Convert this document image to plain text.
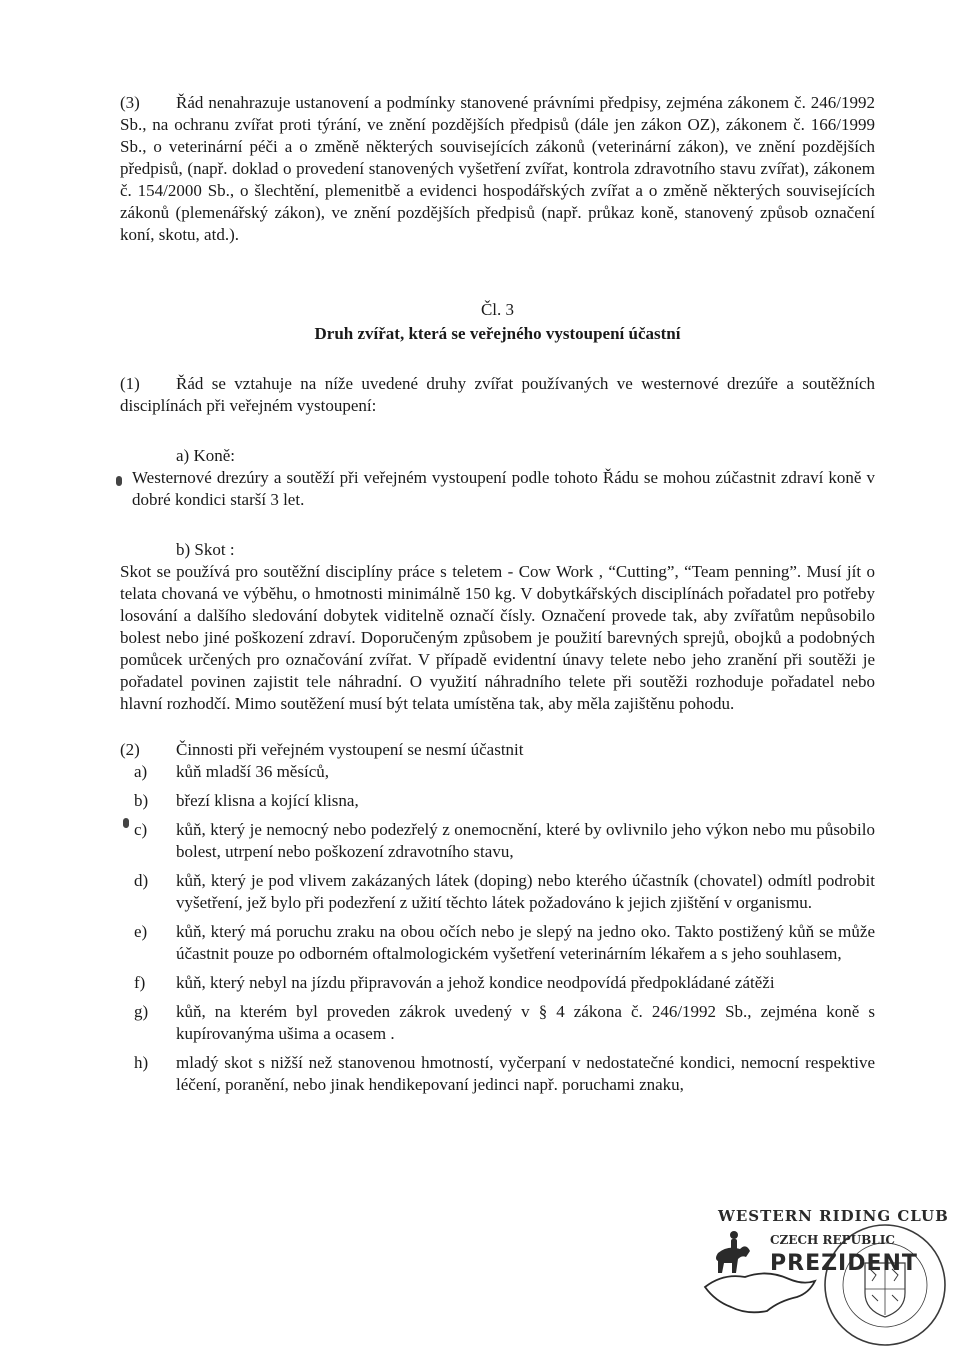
(3) Řád nenahrazuje ustanovení a podmínky stanovené právními předpisy, zejména zákonem č. 246/1992 Sb., na ochranu zvířat proti týrání, ve znění pozdějších předpisů (dále jen zákon OZ), zákonem č. 166/1999 Sb., o veterinární péči a o změně některých souvisejících zákonů (veterinární zákon), ve znění pozdějších předpisů, (např. doklad o provedení stanovených vyšetření zvířat, kontrola zdravotního stavu zvířat), zákonem č. 154/2000 Sb., o šlechtění, plemenitbě a evidenci hospodářských zvířat a o změně některých souvisejících zákonů (plemenářský zákon), ve znění pozdějších předpisů (např. průkaz koně, stanovený způsob označení koní, skotu, atd.).

Čl. 3
Druh zvířat, která se veřejného vystoupení účastní

(1) Řád se vztahuje na níže uvedené druhy zvířat používaných ve westernové drezúře a soutěžních disciplínách při veřejném vystoupení:

a) Koně:

Westernové drezúry a soutěží při veřejném vystoupení podle tohoto Řádu se mohou zúčastnit zdraví koně v dobré kondici starší 3 let.

b) Skot :

Skot se používá pro soutěžní disciplíny práce s teletem - Cow Work , “Cutting”, “Team penning”. Musí jít o telata chovaná ve výběhu, o hmotnosti minimálně 150 kg. V dobytkářských disciplínách pořadatel pro potřeby losování a dalšího sledování dobytek viditelně označí čísly. Označení provede tak, aby zvířatům nepůsobilo bolest nebo jiné poškození zdraví. Doporučeným způsobem je použití barevných sprejů, obojků a podobných pomůcek určených pro označování zvířat. V případě evidentní únavy telete nebo jeho zranění při soutěži je pořadatel povinen zajistit tele náhradní. O využití náhradního telete při soutěži rozhoduje pořadatel nebo hlavní rozhodčí. Mimo soutěžení musí být telata umístěna tak, aby měla zajištěnu pohodu.

(2) Činnosti při veřejném vystoupení se nesmí účastnit

a) kůň mladší 36 měsíců,
b) březí klisna a kojící klisna,
c) kůň, který je nemocný nebo podezřelý z onemocnění, které by ovlivnilo jeho výkon nebo mu působilo bolest, utrpení nebo poškození zdravotního stavu,
d) kůň, který je pod vlivem zakázaných látek (doping) nebo kterého účastník (chovatel) odmítl podrobit vyšetření, jež bylo při podezření z užití těchto látek požadováno k jejich zjištění v organismu.
e) kůň, který má poruchu zraku na obou očích nebo je slepý na jedno oko. Takto postižený kůň se může účastnit pouze po odborném oftalmologickém vyšetření veterinárním lékařem a s jeho souhlasem,
f) kůň, který nebyl na jízdu připravován a jehož kondice neodpovídá předpokládané zátěži
g) kůň, na kterém byl proveden zákrok uvedený v § 4 zákona č. 246/1992 Sb., zejména koně s kupírovanýma ušima a ocasem .
h) mladý skot s nižší než stanovenou hmotností, vyčerpaní v nedostatečné kondici, nemocní respektive léčení, poranění, nebo jinak hendikepovaní jedinci např. poruchami znaku,
WESTERN RIDING CLUB
CZECH REPUBLIC
PREZIDENT
